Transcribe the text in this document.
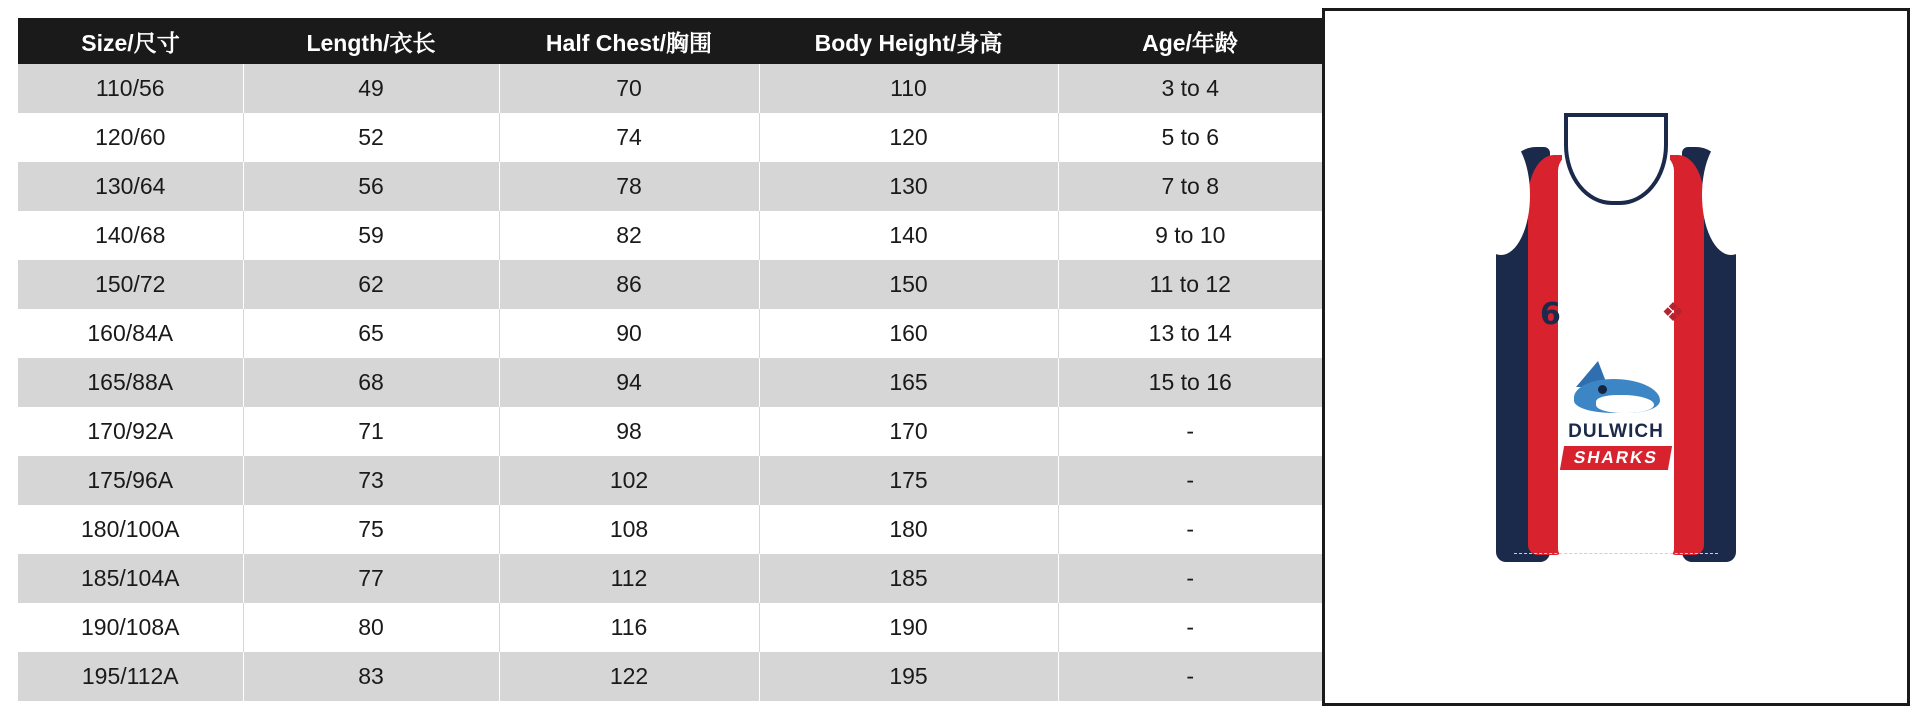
Size/尺寸	Length/衣长	Half Chest/胸围	Body Height/身高	Age/年龄
110/56	49	70	110	3 to 4
120/60	52	74	120	5 to 6
130/64	56	78	130	7 to 8
140/68	59	82	140	9 to 10
150/72	62	86	150	11 to 12
160/84A	65	90	160	13 to 14
165/88A	68	94	165	15 to 16
170/92A	71	98	170	-
175/96A	73	102	175	-
180/100A	75	108	180	-
185/104A	77	112	185	-
190/108A	80	116	190	-
195/112A	83	122	195	-
6	❖
DULWICH
SHARKS
